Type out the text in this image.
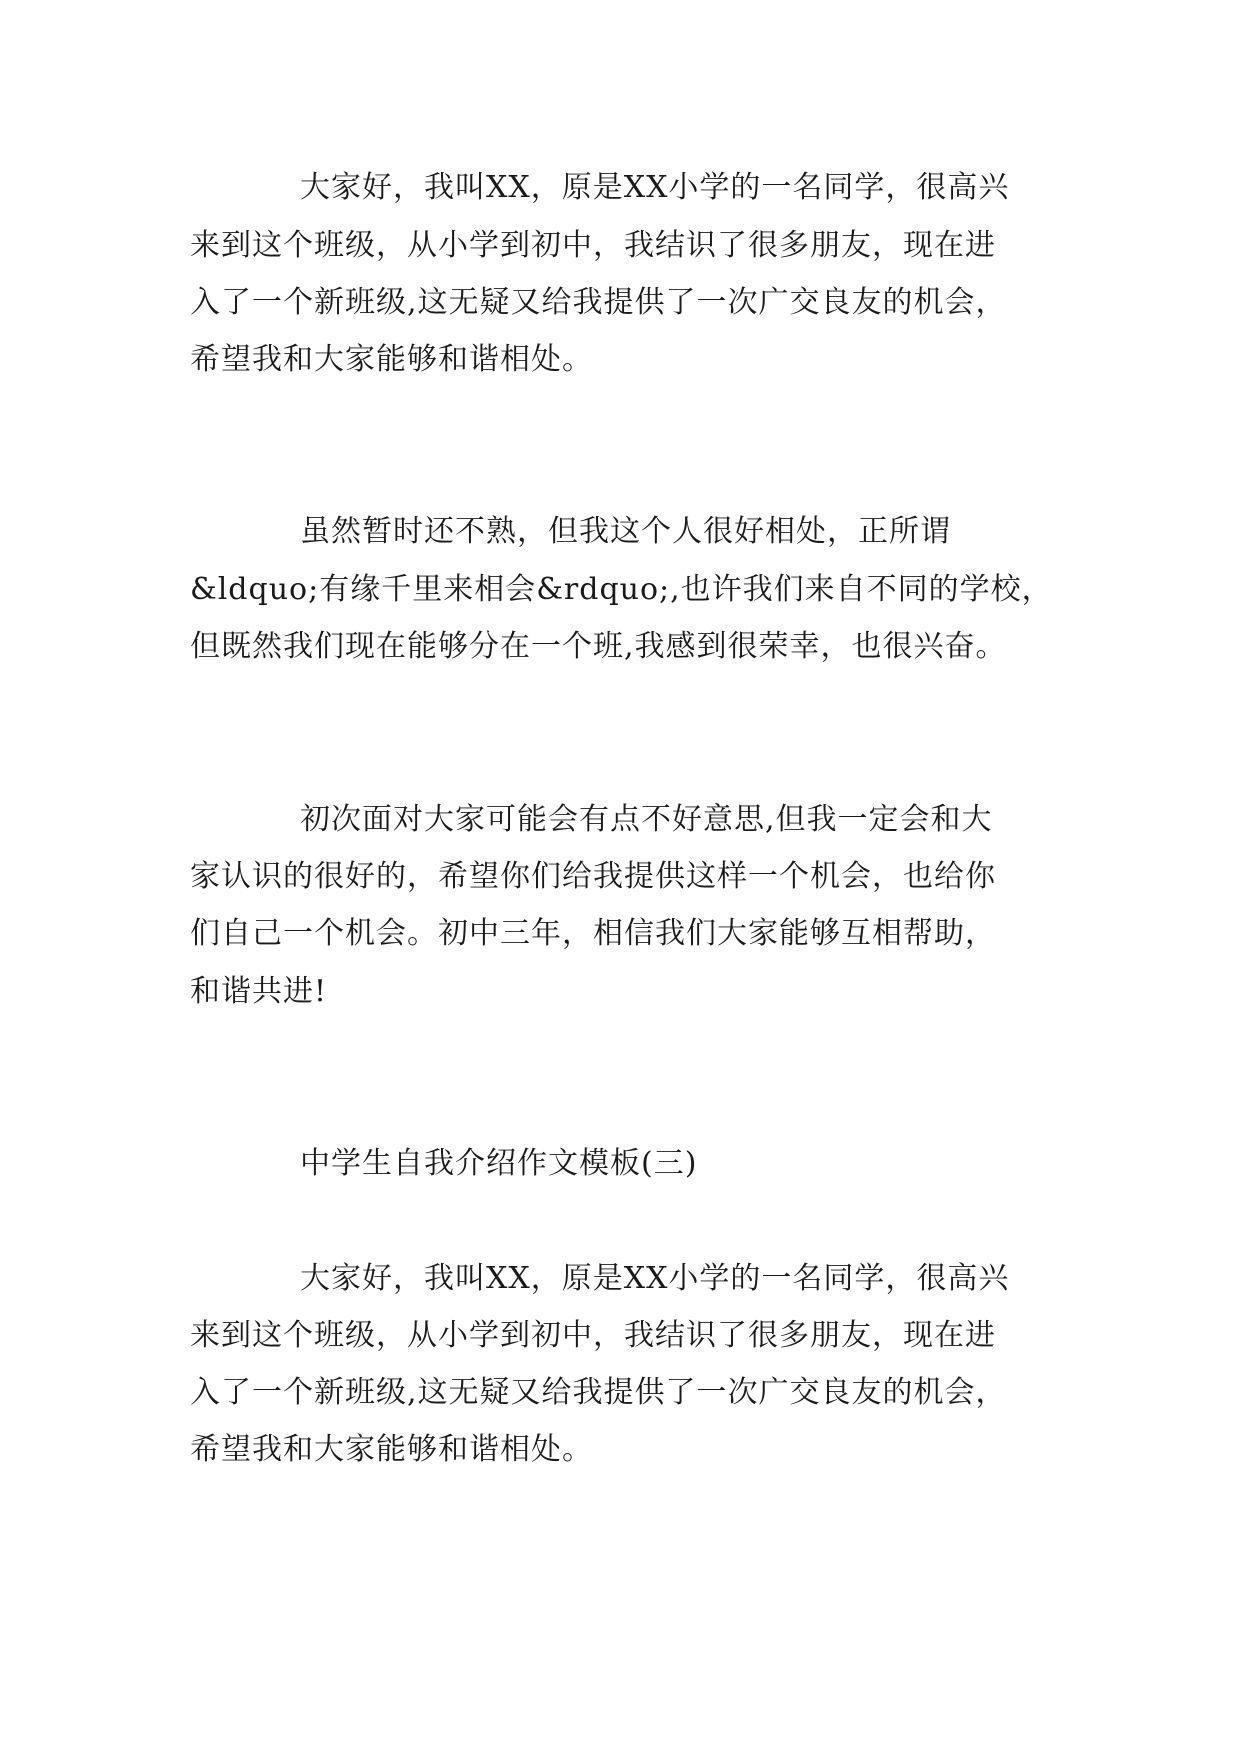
大家好，我叫XX，原是XX小学的一名同学，很高兴
来到这个班级，从小学到初中，我结识了很多朋友，现在进
入了一个新班级,这无疑又给我提供了一次广交良友的机会，
希望我和大家能够和谐相处。
虽然暂时还不熟，但我这个人很好相处，正所谓
&ldquo;有缘千里来相会&rdquo;,也许我们来自不同的学校，
但既然我们现在能够分在一个班,我感到很荣幸，也很兴奋。
初次面对大家可能会有点不好意思,但我一定会和大
家认识的很好的，希望你们给我提供这样一个机会，也给你
们自己一个机会。初中三年，相信我们大家能够互相帮助，
和谐共进!
中学生自我介绍作文模板(三)
大家好，我叫XX，原是XX小学的一名同学，很高兴
来到这个班级，从小学到初中，我结识了很多朋友，现在进
入了一个新班级,这无疑又给我提供了一次广交良友的机会，
希望我和大家能够和谐相处。
